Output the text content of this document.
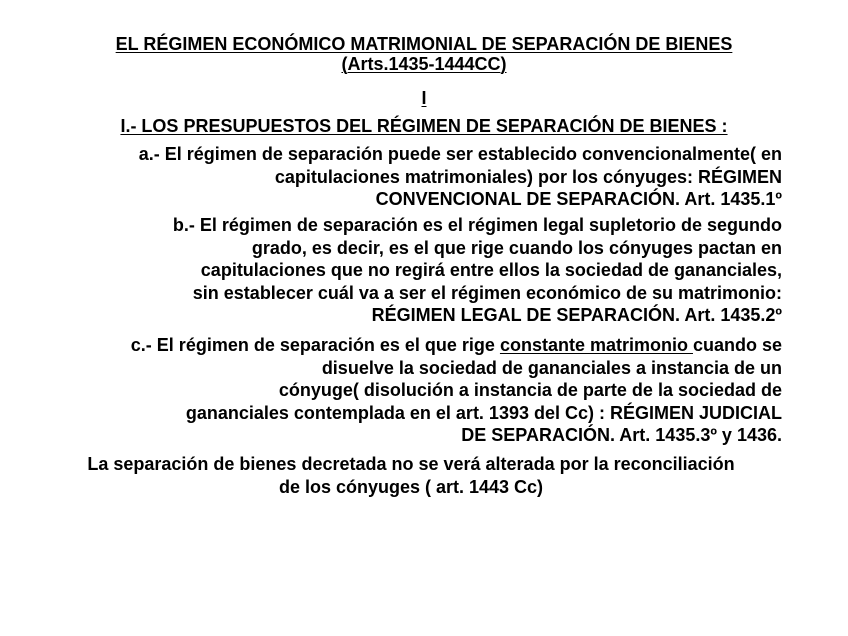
EL RÉGIMEN ECONÓMICO MATRIMONIAL DE SEPARACIÓN DE BIENES
(Arts.1435-1444CC)
I
I.- LOS PRESUPUESTOS DEL RÉGIMEN DE SEPARACIÓN DE BIENES :
a.- El régimen de separación puede ser establecido convencionalmente( en
capitulaciones matrimoniales) por los cónyuges: RÉGIMEN
CONVENCIONAL DE SEPARACIÓN. Art. 1435.1º
b.- El régimen de separación es el régimen legal supletorio de segundo
grado, es decir, es el que rige cuando los cónyuges pactan en
capitulaciones que no regirá entre ellos la sociedad de gananciales,
sin establecer cuál va a ser el régimen económico de su matrimonio:
RÉGIMEN LEGAL DE SEPARACIÓN. Art. 1435.2º
c.- El régimen de separación es el que rige constante matrimonio cuando se
disuelve la sociedad de gananciales a instancia de un
cónyuge( disolución a instancia de parte de la sociedad de
gananciales contemplada en el art. 1393 del Cc) : RÉGIMEN JUDICIAL
DE SEPARACIÓN. Art. 1435.3º y 1436.
La separación de bienes decretada no se verá alterada por la reconciliación
de los cónyuges ( art. 1443 Cc)
